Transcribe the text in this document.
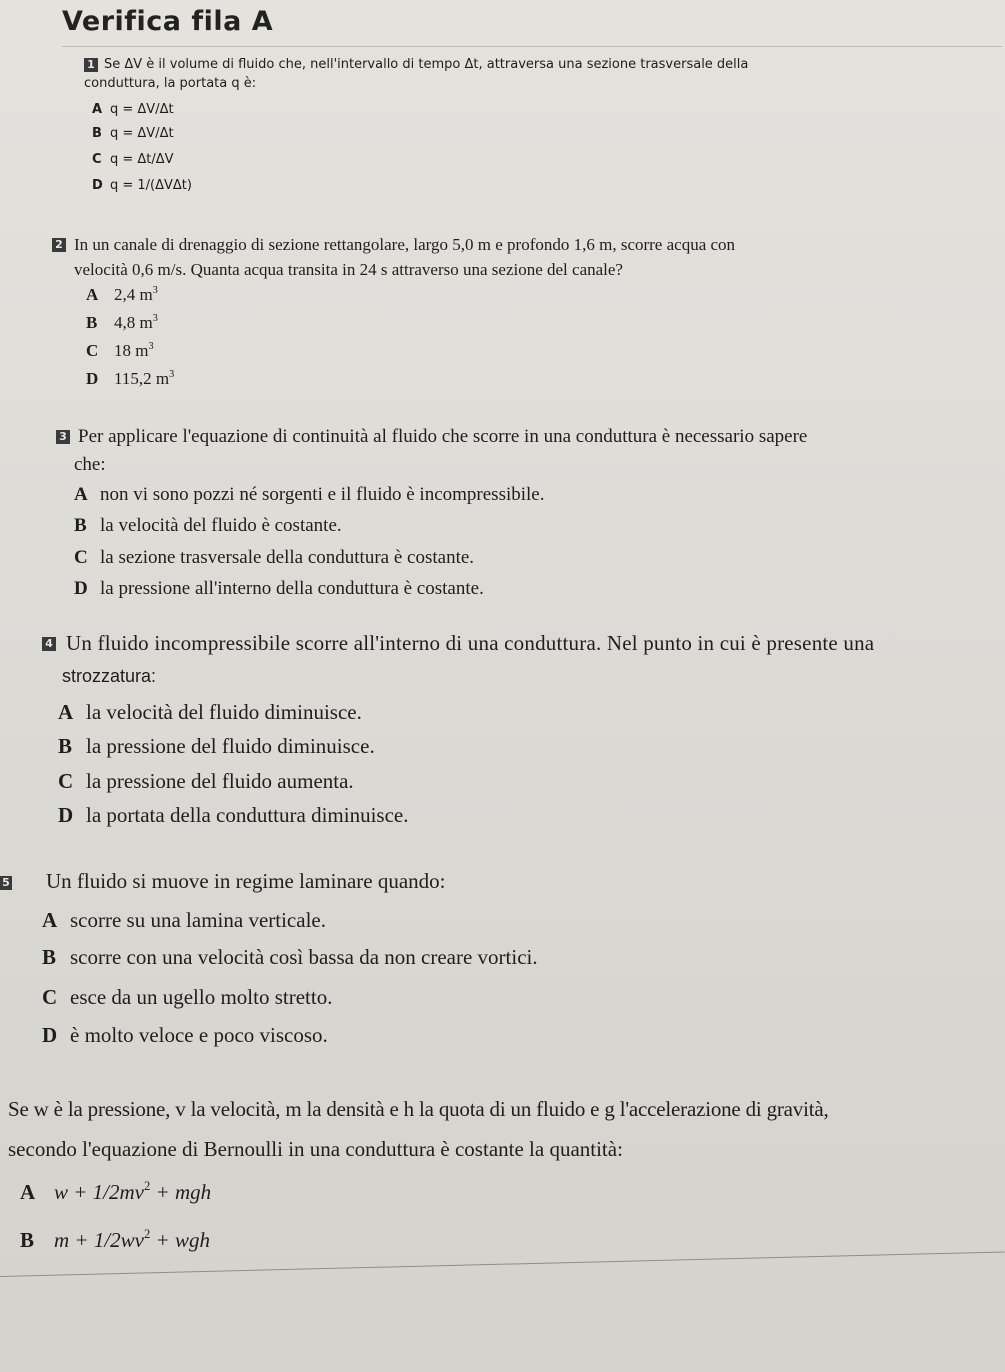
Verifica fila A
1 Se ΔV è il volume di fluido che, nell'intervallo di tempo Δt, attraversa una sezione trasversale della
conduttura, la portata q è:
A q = ΔV/Δt
B q = ΔV/Δt
C q = Δt/ΔV
D q = 1/(ΔVΔt)
2 In un canale di drenaggio di sezione rettangolare, largo 5,0 m e profondo 1,6 m, scorre acqua con
velocità 0,6 m/s. Quanta acqua transita in 24 s attraverso una sezione del canale?
A 2,4 $m^3$
B 4,8 $m^3$
C 18 $m^3$
D 115,2 $m^3$
3 Per applicare l'equazione di continuità al fluido che scorre in una conduttura è necessario sapere
che:
A non vi sono pozzi né sorgenti e il fluido è incompressibile.
B la velocità del fluido è costante.
C la sezione trasversale della conduttura è costante.
D la pressione all'interno della conduttura è costante.
4 Un fluido incompressibile scorre all'interno di una conduttura. Nel punto in cui è presente una
strozzatura:
A la velocità del fluido diminuisce.
B la pressione del fluido diminuisce.
C la pressione del fluido aumenta.
D la portata della conduttura diminuisce.
5 Un fluido si muove in regime laminare quando:
A scorre su una lamina verticale.
B scorre con una velocità così bassa da non creare vortici.
C esce da un ugello molto stretto.
D è molto veloce e poco viscoso.
Se w è la pressione, v la velocità, m la densità e h la quota di un fluido e g l'accelerazione di gravità,
secondo l'equazione di Bernoulli in una conduttura è costante la quantità:
A $w + 1/2mv^2$ + mgh
B $m + 1/2wv^2$ + wgh
